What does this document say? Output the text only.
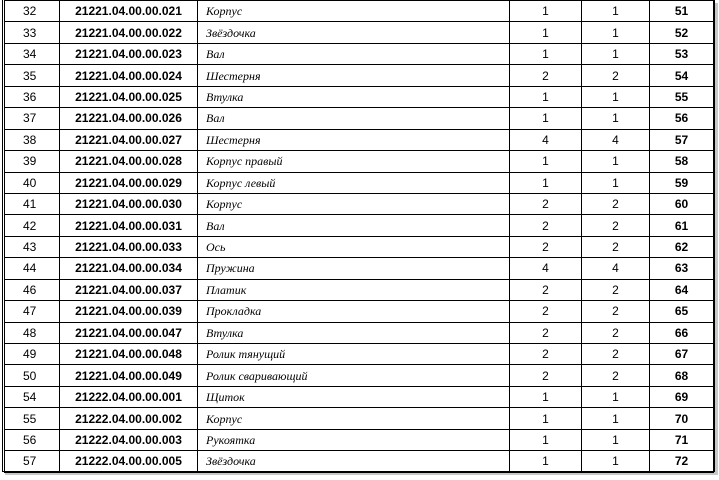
32	21221.04.00.00.021	Корпус	1	1	51
33	21221.04.00.00.022	Звёздочка	1	1	52
34	21221.04.00.00.023	Вал	1	1	53
35	21221.04.00.00.024	Шестерня	2	2	54
36	21221.04.00.00.025	Втулка	1	1	55
37	21221.04.00.00.026	Вал	1	1	56
38	21221.04.00.00.027	Шестерня	4	4	57
39	21221.04.00.00.028	Корпус правый	1	1	58
40	21221.04.00.00.029	Корпус левый	1	1	59
41	21221.04.00.00.030	Корпус	2	2	60
42	21221.04.00.00.031	Вал	2	2	61
43	21221.04.00.00.033	Ось	2	2	62
44	21221.04.00.00.034	Пружина	4	4	63
46	21221.04.00.00.037	Платик	2	2	64
47	21221.04.00.00.039	Прокладка	2	2	65
48	21221.04.00.00.047	Втулка	2	2	66
49	21221.04.00.00.048	Ролик тянущий	2	2	67
50	21221.04.00.00.049	Ролик сваривающий	2	2	68
54	21222.04.00.00.001	Щиток	1	1	69
55	21222.04.00.00.002	Корпус	1	1	70
56	21222.04.00.00.003	Рукоятка	1	1	71
57	21222.04.00.00.005	Звёздочка	1	1	72
